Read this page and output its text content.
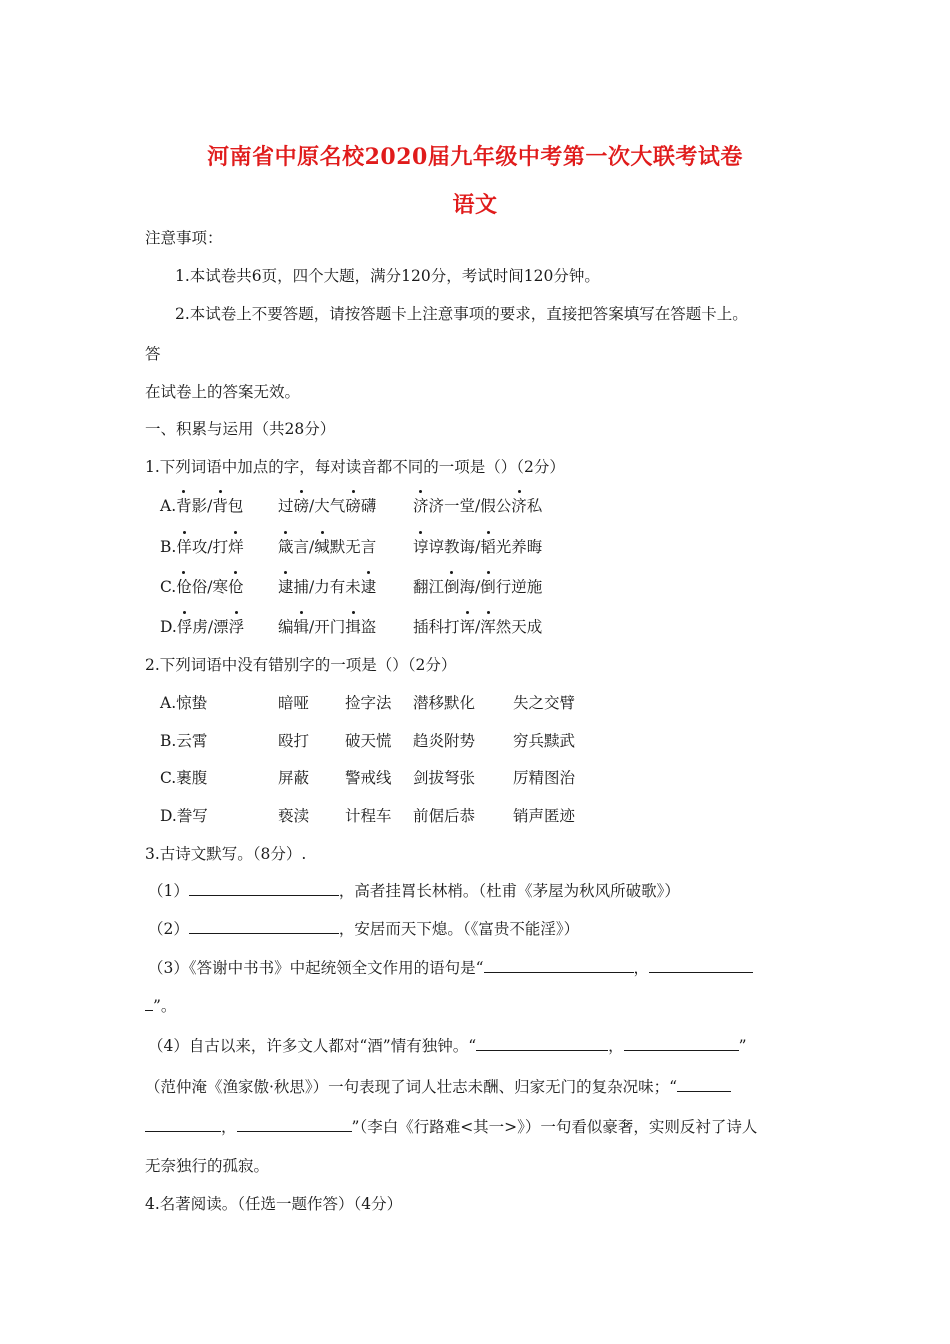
河南省中原名校2020届九年级中考第一次大联考试卷
语文
注意事项：
1.本试卷共6页，四个大题，满分120分，考试时间120分钟。
2.本试卷上不要答题，请按答题卡上注意事项的要求，直接把答案填写在答题卡上。
答
在试卷上的答案无效。
一、积累与运用（共28分）
1.下列词语中加点的字，每对读音都不同的一项是（）（2分）
A.背影/背包 过磅/大气磅礴 济济一堂/假公济私
B.佯攻/打烊 箴言/缄默无言 谆谆教诲/韬光养晦
C.伧俗/寒伧 逮捕/力有未逮 翻江倒海/倒行逆施
D.俘虏/漂浮 编辑/开门揖盗 插科打诨/浑然天成
2.下列词语中没有错别字的一项是（）（2分）
A.惊蛰	暗哑 捡字法 潜移默化 失之交臂
B.云霄	殴打 破天慌 趋炎附势 穷兵黩武
C.裹腹	屏蔽 警戒线 剑拔弩张 厉精图治
D.誊写	亵渎 计程车 前倨后恭 销声匿迹
3.古诗文默写。（8分）.
（1）	，高者挂罥长林梢。（杜甫《茅屋为秋风所破歌》）
（2）	，安居而天下熄。（《富贵不能淫》）
（3）《答谢中书书》中起统领全文作用的语句是“	，
”。
（4）自古以来，许多文人都对“酒”情有独钟。“	，	”
（范仲淹《渔家傲·秋思》）一句表现了词人壮志未酬、归家无门的复杂况味；“
，	”（李白《行路难<其一>》）一句看似豪奢，实则反衬了诗人
无奈独行的孤寂。
4.名著阅读。（任选一题作答）（4分）
